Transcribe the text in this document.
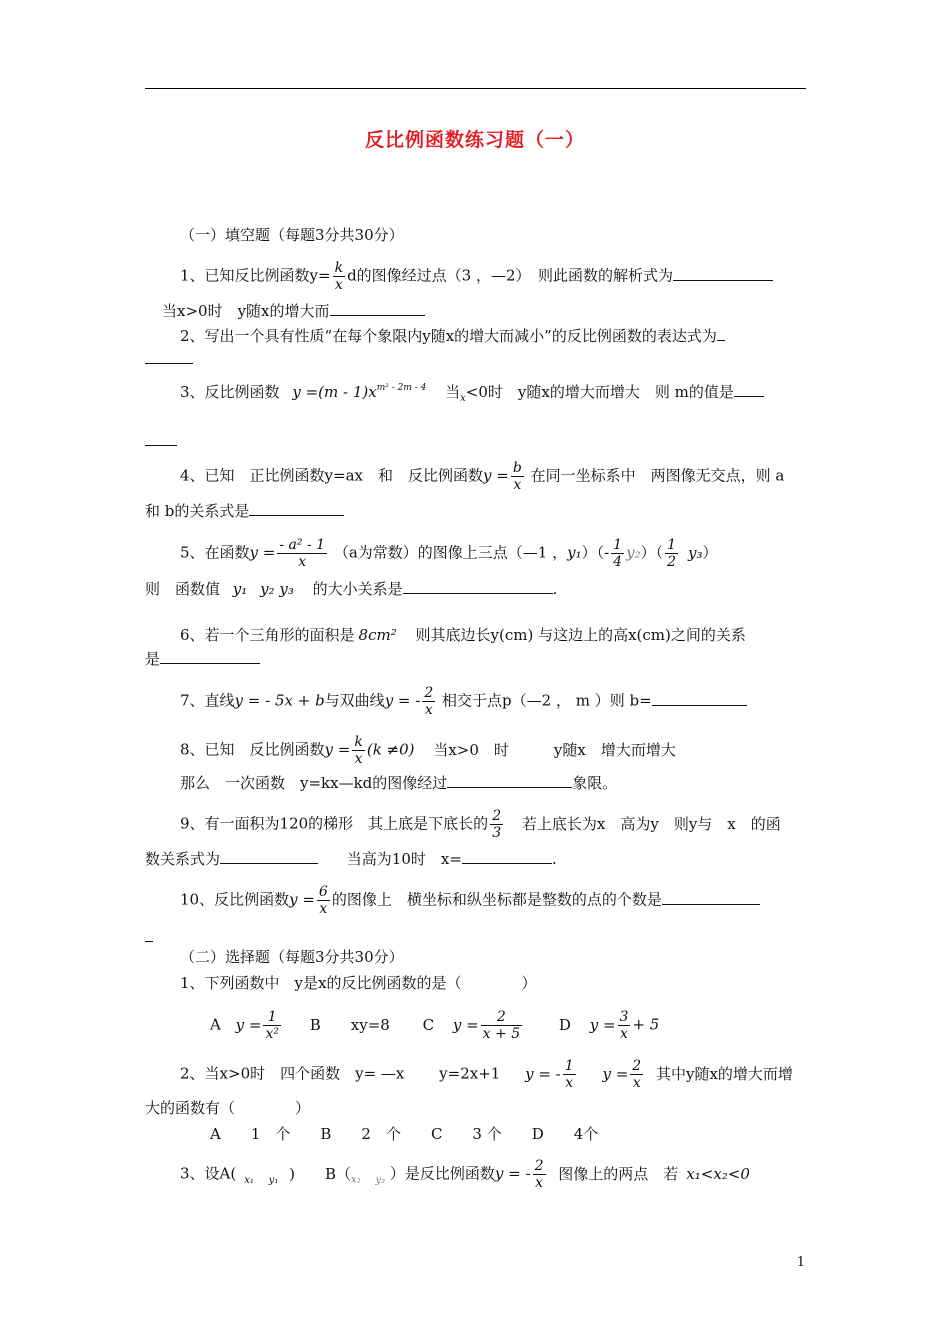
反比例函数练习题（一）
（一）填空题（每题3分共30分）
1、已知反比例函数$y= \frac{k}{x}$ d的图像经过点（3 ，—2）　则此函数的解析式为
当x>0时　y随x的增大而
2、写出一个具有性质“在每个象限内y随x的增大而减小”的反比例函数的表达式为
3、反比例函数 $y =(m - 1)x^{m^2 - 2m - 4}$ 当$_x$<0时　y随x的增大而增大　则 m的值是
4、已知　正比例函数y=ax　和　反比例函数$y = \frac{b}{x}$ 在同一坐标系中　两图像无交点，则 a
和 b的关系式是
5、在函数$y = \frac{\text{- a² - 1}}{x} (a$为常数）的图像上三点（—1 ，$y_1)(- \frac{1}{4} y_2)( \frac{1}{2} y_3)$
则　函数值 y₁ y₂ y₃ 的大小关系是	.
6、若一个三角形的面积是 8cm² 则其底边长y(cm) 与这边上的高x(cm)之间的关系
是
7、直线y = - 5x + b与双曲线y = - $\frac{2}{x}$ 相交于点p（—2 ， m ）则 b=
8、已知　反比例函数$y = \frac{k}{x} (k \ne 0)$ 当x>0　时　　　y随x　增大而增大
那么　一次函数　y=kx—kd的图像经过	象限。
9、有一面积为120的梯形　其上底是下底长的 $\frac{2}{3}$ 若上底长为x　高为y　则y与　x　的函
数关系式为	当高为10时　x=	.
10、反比例函数$y = \frac{6}{x}$ 的图像上　横坐标和纵坐标都是整数的点的个数是
（二）选择题（每题3分共30分）
1、下列函数中　y是x的反比例函数的是（　　　　）
A $y = \frac{1}{\text{x²}}$ B　　xy=8 C $y = \frac{2}{x + 5}$ D $y = \frac{3}{x} + 5$
2、当x>0时　四个函数　y= —x　　 y=2x+1 y = - $\frac{1}{x}$ $y = \frac{2}{x}$ 其中y随x的增大而增
大的函数有（　　　　）
A　　1　个　　B　　2　个　　C　　3 个　　D　　4个
3、设A( $_{x_1}$ $_{y_1}$ )　　$B(_{x_2}$ $_{y_2}$ ）是反比例函数y = - $\frac{2}{x}$ 图像上的两点　若 x₁<x₂<0
1
